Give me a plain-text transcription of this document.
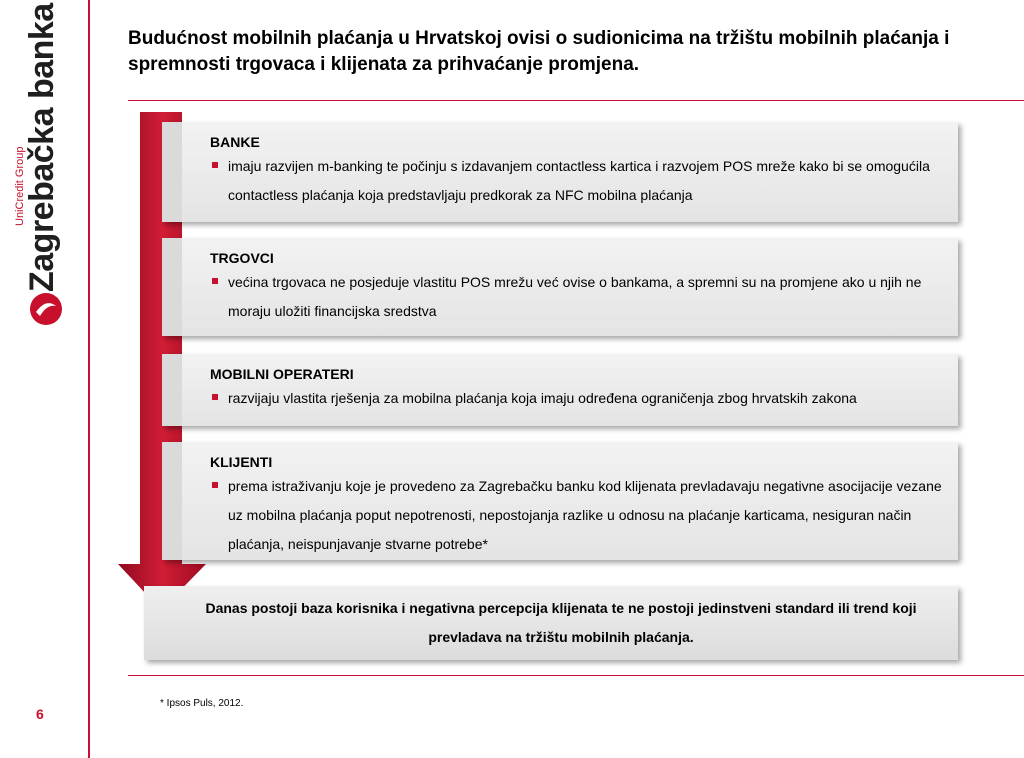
Zagrebačka banka
UniCredit Group
6
Budućnost mobilnih plaćanja u Hrvatskoj ovisi o sudionicima na tržištu mobilnih plaćanja i spremnosti trgovaca i klijenata za prihvaćanje promjena.
BANKE
imaju razvijen m-banking te počinju s izdavanjem contactless kartica i razvojem POS mreže kako bi se omogućila contactless plaćanja koja predstavljaju predkorak za NFC mobilna plaćanja
TRGOVCI
većina trgovaca ne posjeduje vlastitu POS mrežu već ovise o bankama, a spremni su na promjene ako u njih ne moraju uložiti financijska sredstva
MOBILNI OPERATERI
razvijaju vlastita rješenja za mobilna plaćanja koja imaju određena ograničenja zbog hrvatskih zakona
KLIJENTI
prema istraživanju koje je provedeno za Zagrebačku banku kod klijenata prevladavaju negativne asocijacije vezane uz mobilna plaćanja poput nepotrenosti, nepostojanja razlike u odnosu na plaćanje karticama, nesiguran način plaćanja, neispunjavanje stvarne potrebe*
Danas postoji baza korisnika i negativna percepcija klijenata te ne postoji jedinstveni standard ili trend koji prevladava na tržištu mobilnih plaćanja.
* Ipsos Puls, 2012.
